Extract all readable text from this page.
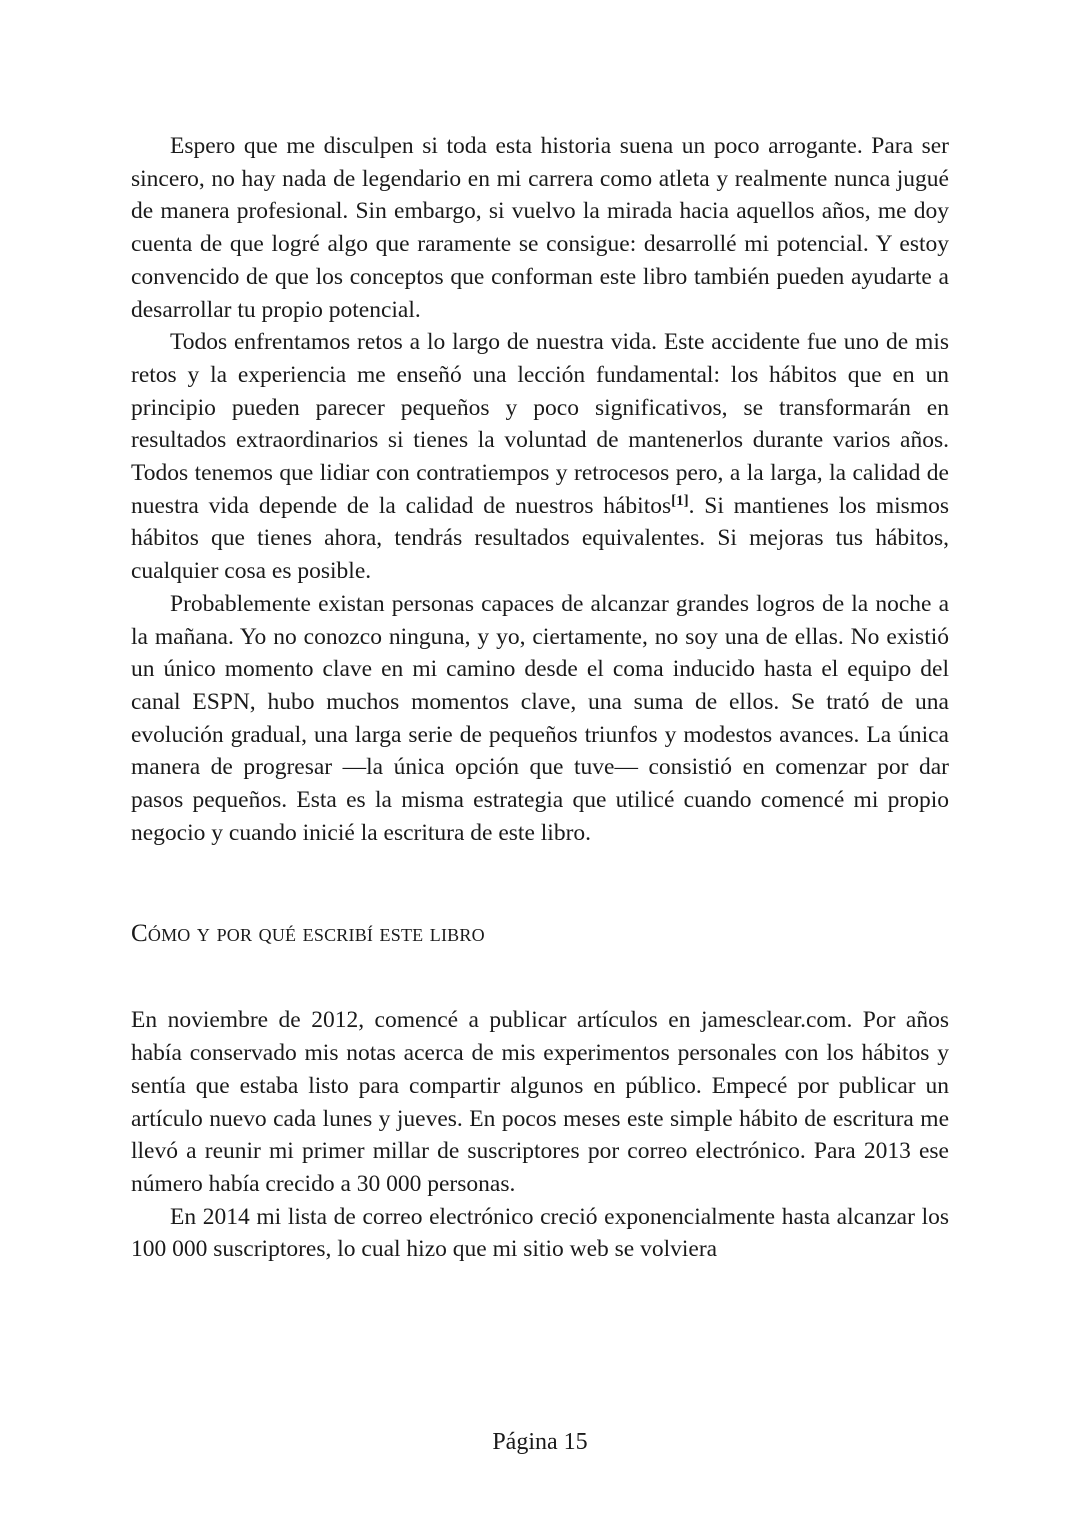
Espero que me disculpen si toda esta historia suena un poco arrogante. Para ser sincero, no hay nada de legendario en mi carrera como atleta y realmente nunca jugué de manera profesional. Sin embargo, si vuelvo la mirada hacia aquellos años, me doy cuenta de que logré algo que raramente se consigue: desarrollé mi potencial. Y estoy convencido de que los conceptos que conforman este libro también pueden ayudarte a desarrollar tu propio potencial.

Todos enfrentamos retos a lo largo de nuestra vida. Este accidente fue uno de mis retos y la experiencia me enseñó una lección fundamental: los hábitos que en un principio pueden parecer pequeños y poco significativos, se transformarán en resultados extraordinarios si tienes la voluntad de mantenerlos durante varios años. Todos tenemos que lidiar con contratiempos y retrocesos pero, a la larga, la calidad de nuestra vida depende de la calidad de nuestros hábitos[1]. Si mantienes los mismos hábitos que tienes ahora, tendrás resultados equivalentes. Si mejoras tus hábitos, cualquier cosa es posible.

Probablemente existan personas capaces de alcanzar grandes logros de la noche a la mañana. Yo no conozco ninguna, y yo, ciertamente, no soy una de ellas. No existió un único momento clave en mi camino desde el coma inducido hasta el equipo del canal ESPN, hubo muchos momentos clave, una suma de ellos. Se trató de una evolución gradual, una larga serie de pequeños triunfos y modestos avances. La única manera de progresar —la única opción que tuve— consistió en comenzar por dar pasos pequeños. Esta es la misma estrategia que utilicé cuando comencé mi propio negocio y cuando inicié la escritura de este libro.

Cómo y por qué escribí este libro

En noviembre de 2012, comencé a publicar artículos en jamesclear.com. Por años había conservado mis notas acerca de mis experimentos personales con los hábitos y sentía que estaba listo para compartir algunos en público. Empecé por publicar un artículo nuevo cada lunes y jueves. En pocos meses este simple hábito de escritura me llevó a reunir mi primer millar de suscriptores por correo electrónico. Para 2013 ese número había crecido a 30 000 personas.

En 2014 mi lista de correo electrónico creció exponencialmente hasta alcanzar los 100 000 suscriptores, lo cual hizo que mi sitio web se volviera

Página 15
